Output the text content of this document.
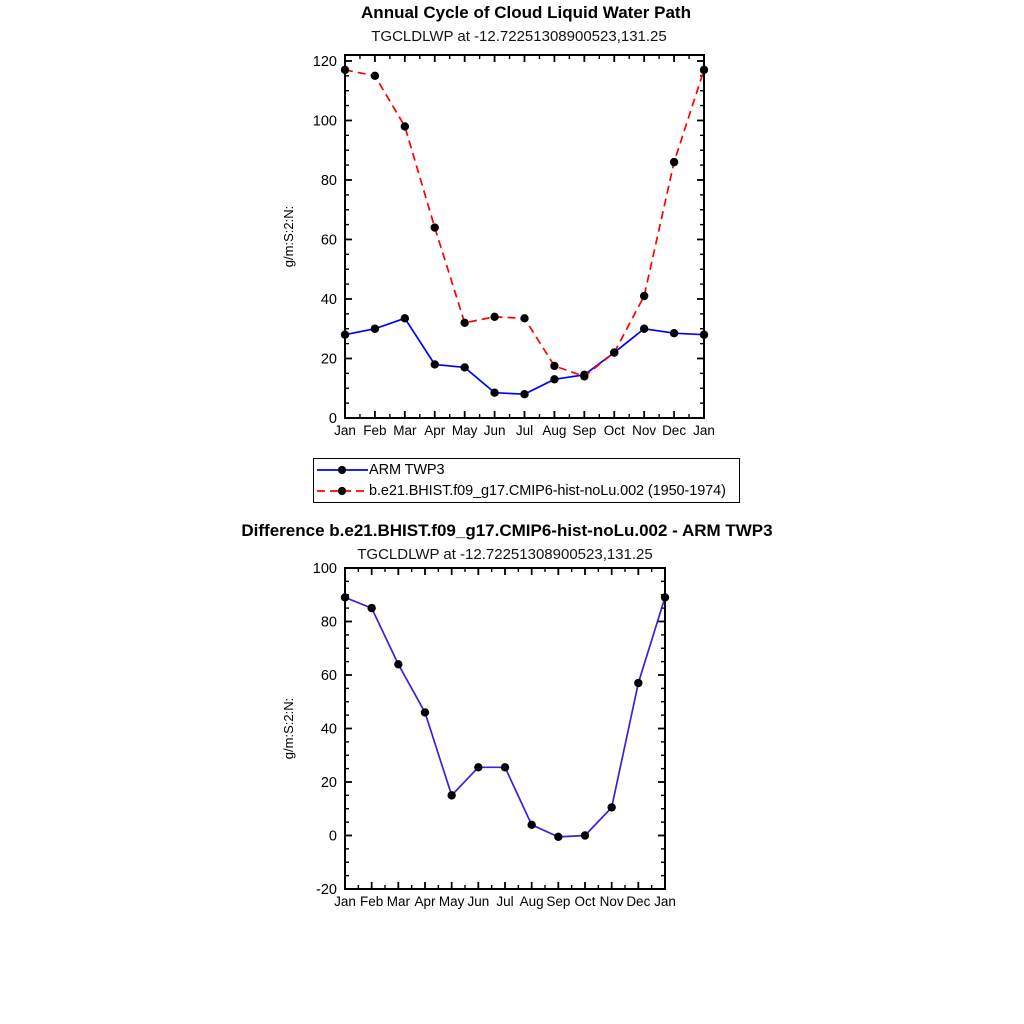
Annual Cycle of Cloud Liquid Water Path
TGCLDLWP at -12.72251308900523,131.25
Jan Feb Mar Apr May Jun Jul Aug Sep Oct Nov Dec Jan
0
20
40
60
80
100
120
g/m:S:2:N:
ARM TWP3
b.e21.BHIST.f09_g17.CMIP6-hist-noLu.002 (1950-1974)
Difference b.e21.BHIST.f09_g17.CMIP6-hist-noLu.002 - ARM TWP3
TGCLDLWP at -12.72251308900523,131.25
Jan Feb Mar Apr May Jun Jul Aug Sep Oct Nov Dec Jan
-20
0
20
40
60
80
100
g/m:S:2:N:
